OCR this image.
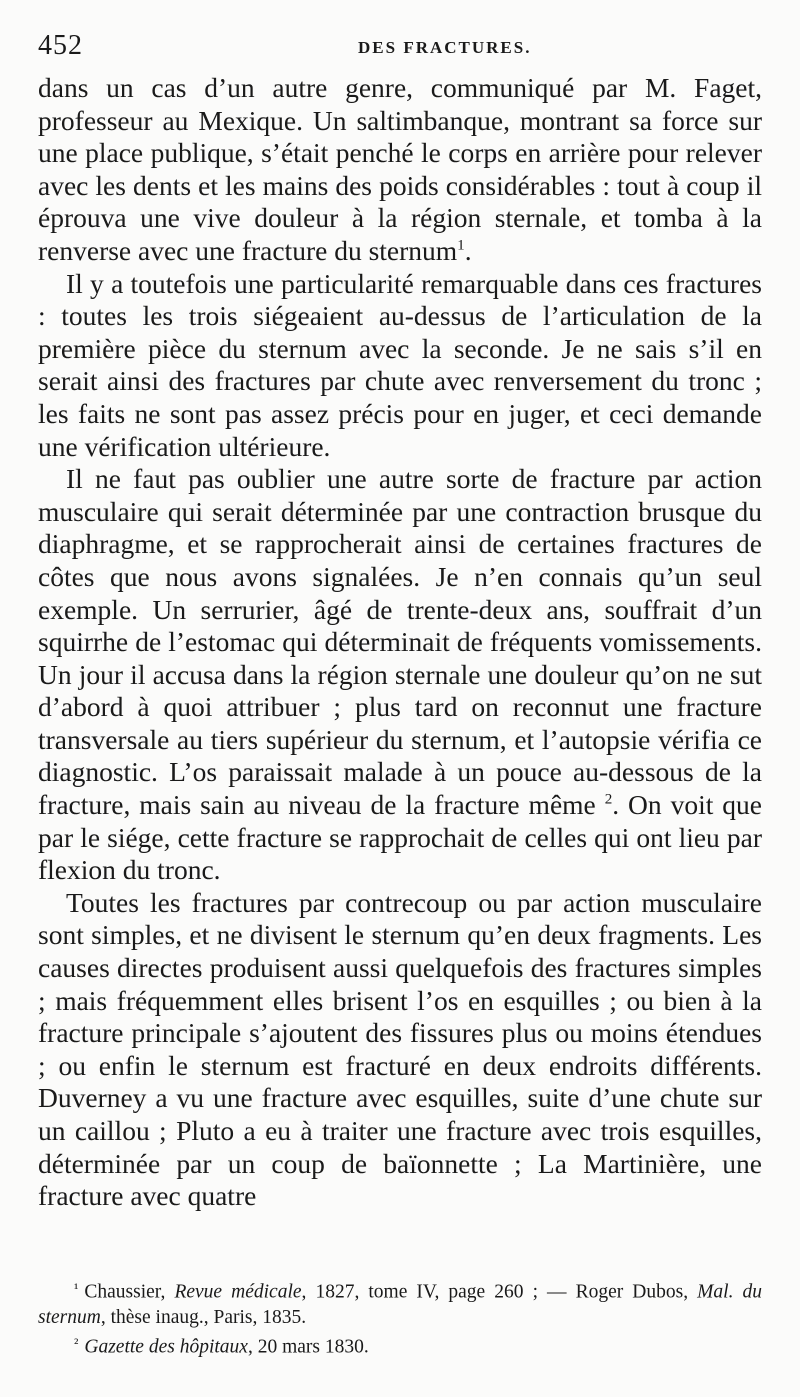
452	DES FRACTURES.

dans un cas d’un autre genre, communiqué par M. Faget, professeur au Mexique. Un saltimbanque, montrant sa force sur une place publique, s’était penché le corps en arrière pour relever avec les dents et les mains des poids considérables : tout à coup il éprouva une vive douleur à la région sternale, et tomba à la renverse avec une fracture du sternum$^1$.

Il y a toutefois une particularité remarquable dans ces fractures : toutes les trois siégeaient au-dessus de l’articulation de la première pièce du sternum avec la seconde. Je ne sais s’il en serait ainsi des fractures par chute avec renversement du tronc ; les faits ne sont pas assez précis pour en juger, et ceci demande une vérification ultérieure.

Il ne faut pas oublier une autre sorte de fracture par action musculaire qui serait déterminée par une contraction brusque du diaphragme, et se rapprocherait ainsi de certaines fractures de côtes que nous avons signalées. Je n’en connais qu’un seul exemple. Un serrurier, âgé de trente-deux ans, souffrait d’un squirrhe de l’estomac qui déterminait de fréquents vomissements. Un jour il accusa dans la région sternale une douleur qu’on ne sut d’abord à quoi attribuer ; plus tard on reconnut une fracture transversale au tiers supérieur du sternum, et l’autopsie vérifia ce diagnostic. L’os paraissait malade à un pouce au-dessous de la fracture, mais sain au niveau de la fracture même $^2$. On voit que par le siége, cette fracture se rapprochait de celles qui ont lieu par flexion du tronc.

Toutes les fractures par contrecoup ou par action musculaire sont simples, et ne divisent le sternum qu’en deux fragments. Les causes directes produisent aussi quelquefois des fractures simples ; mais fréquemment elles brisent l’os en esquilles ; ou bien à la fracture principale s’ajoutent des fissures plus ou moins étendues ; ou enfin le sternum est fracturé en deux endroits différents. Duverney a vu une fracture avec esquilles, suite d’une chute sur un caillou ; Pluto a eu à traiter une fracture avec trois esquilles, déterminée par un coup de baïonnette ; La Martinière, une fracture avec quatre

$^{^1}$ Chaussier, Revue médicale, 1827, tome IV, page 260 ; — Roger Dubos, Mal. du sternum, thèse inaug., Paris, 1835.

$^{^2}$ Gazette des hôpitaux, 20 mars 1830.
